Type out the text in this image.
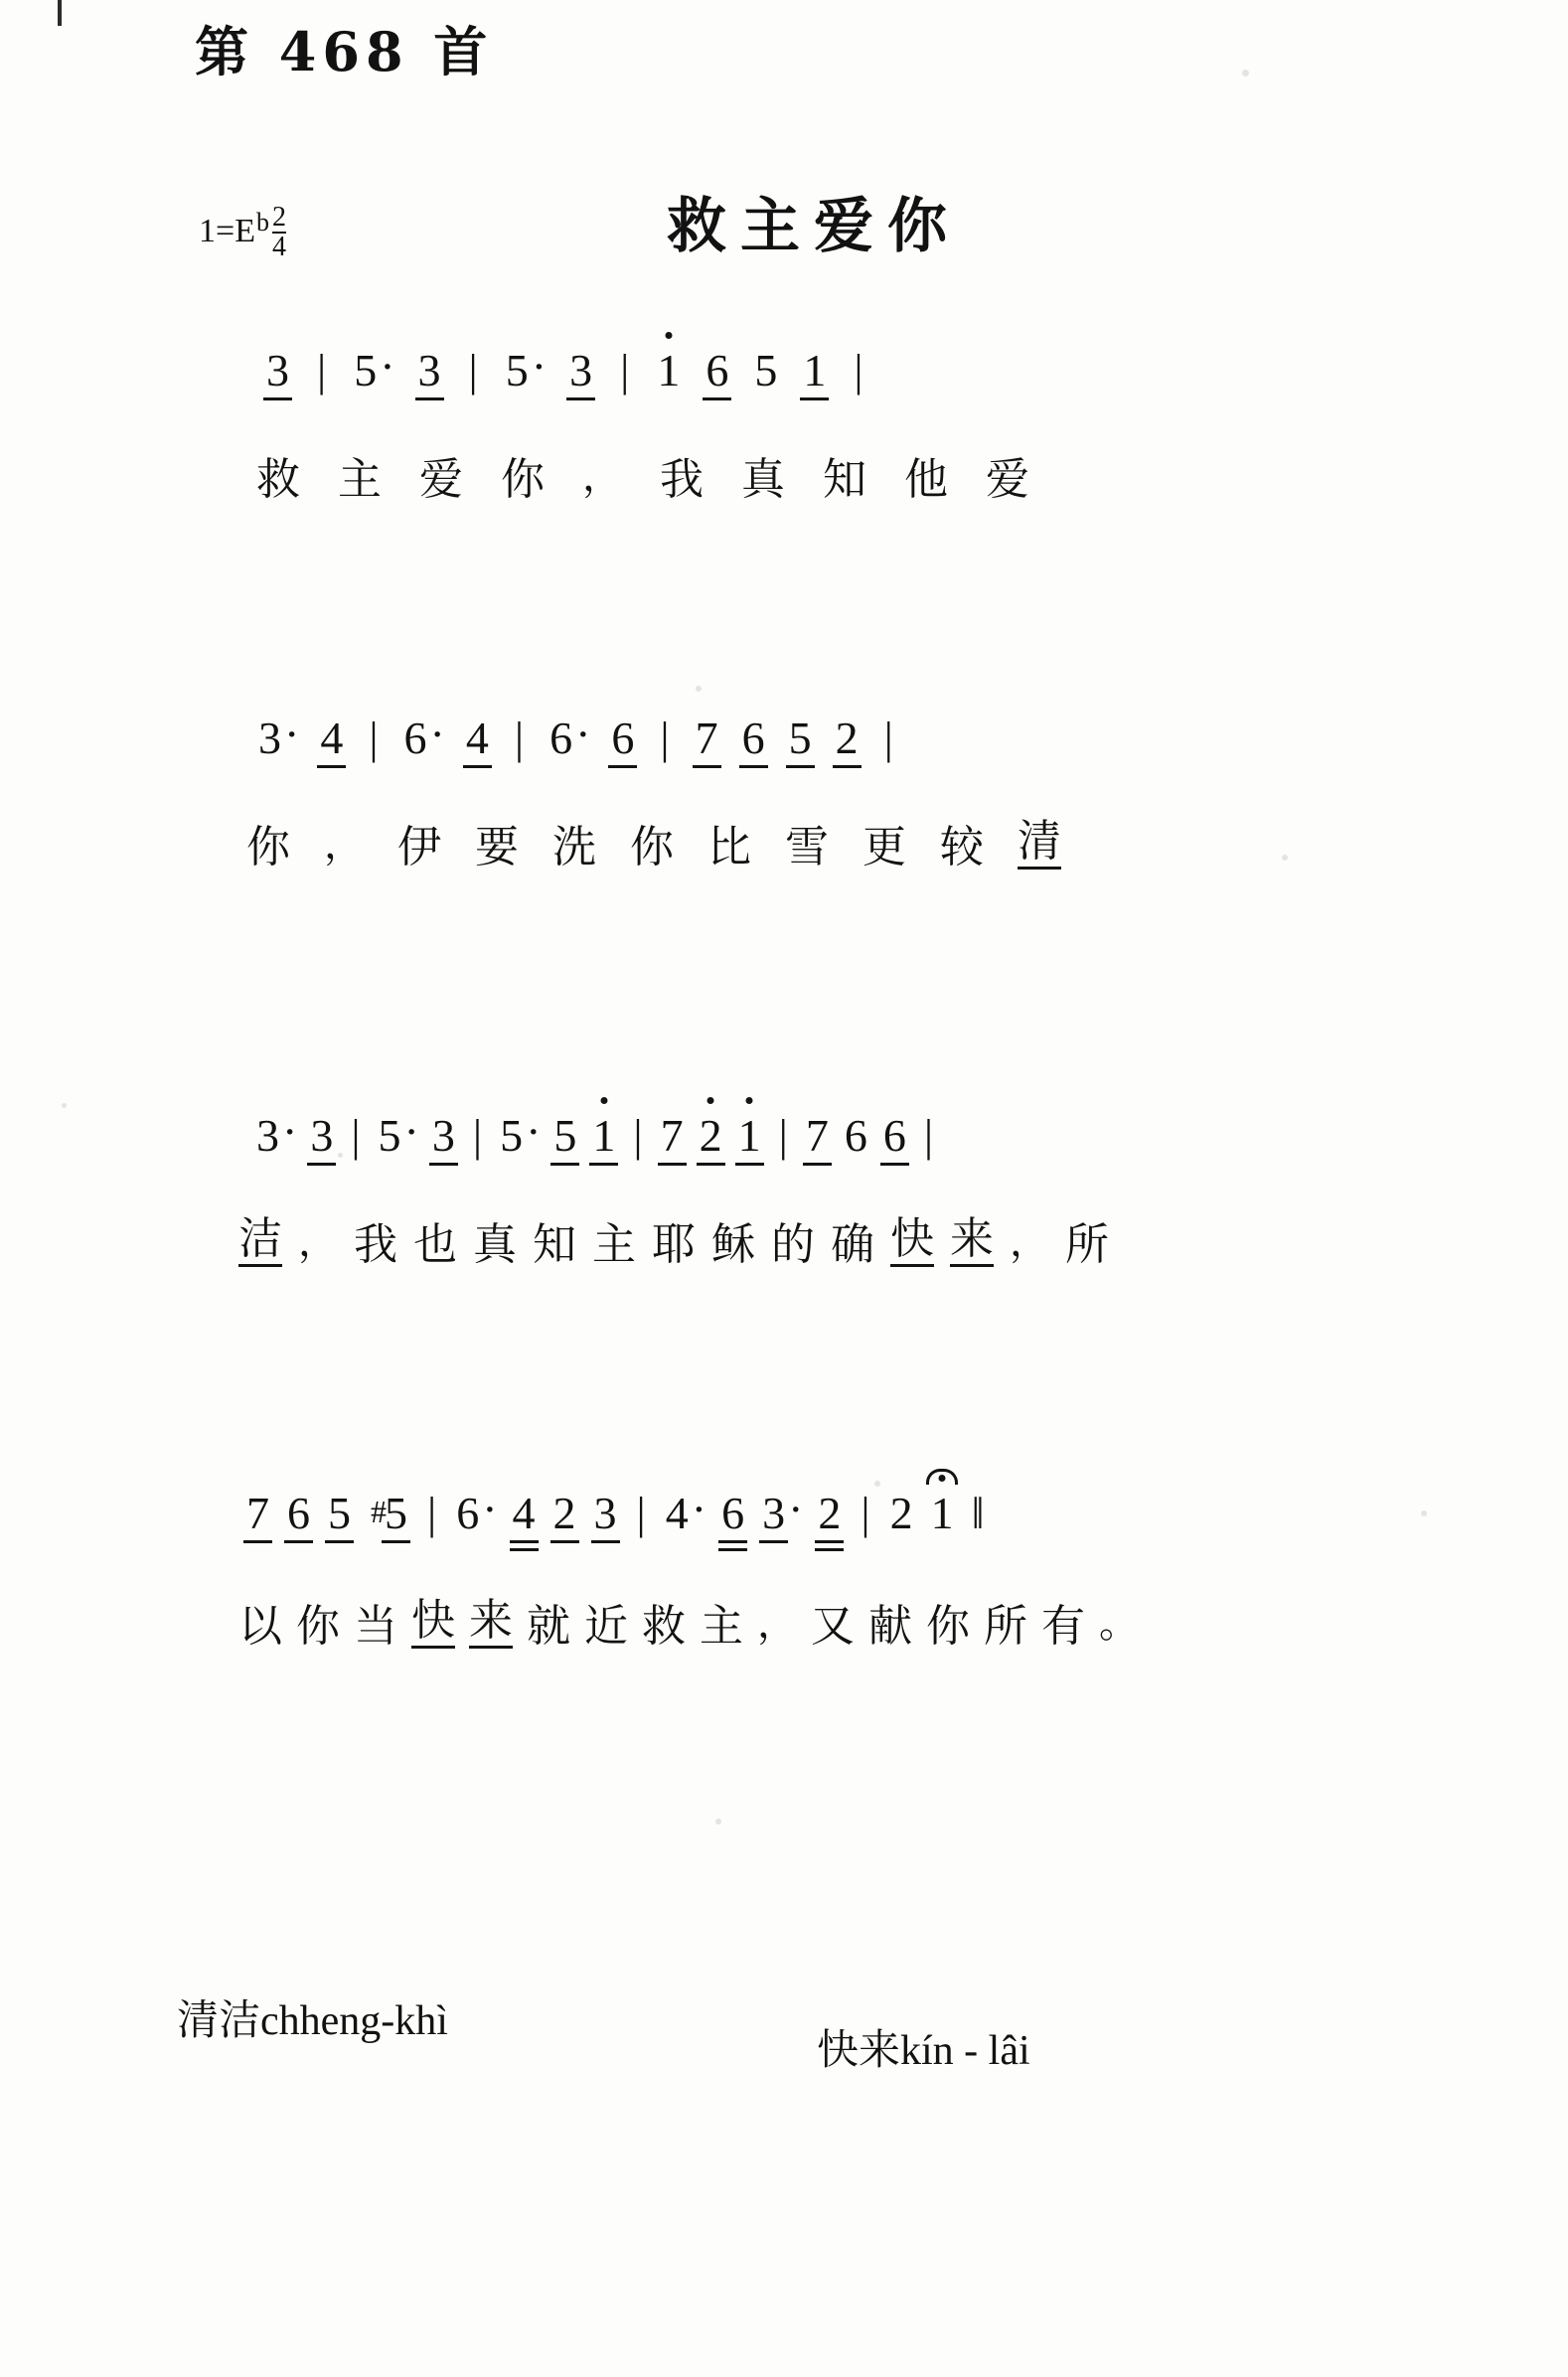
第 468 首
1= E b $\frac{2}{4}$	救主爱你
3 | 5 · 3 | 5 · 3 | 1 6 5 1 |
救 主 爱 你 ， 我 真 知 他 爱
3 · 4 | 6 · 4 | 6 · 6 | 7 6 5 2 |
你 ， 伊 要 洗 你 比 雪 更 较 清
3 · 3 | 5 · 3 | 5 · 5 1 | 7 2 1 | 7 6 6 |
洁 ， 我 也 真 知 主 耶 稣 的 确 快 来 ， 所
7 6 5 #5 | 6 · 4 2 3 | 4 · 6 3 · 2 | 2 1 ‖
以 你 当 快 来 就 近 救 主 ， 又 献 你 所 有 。
清洁chheng-khì
快来kín - lâi
